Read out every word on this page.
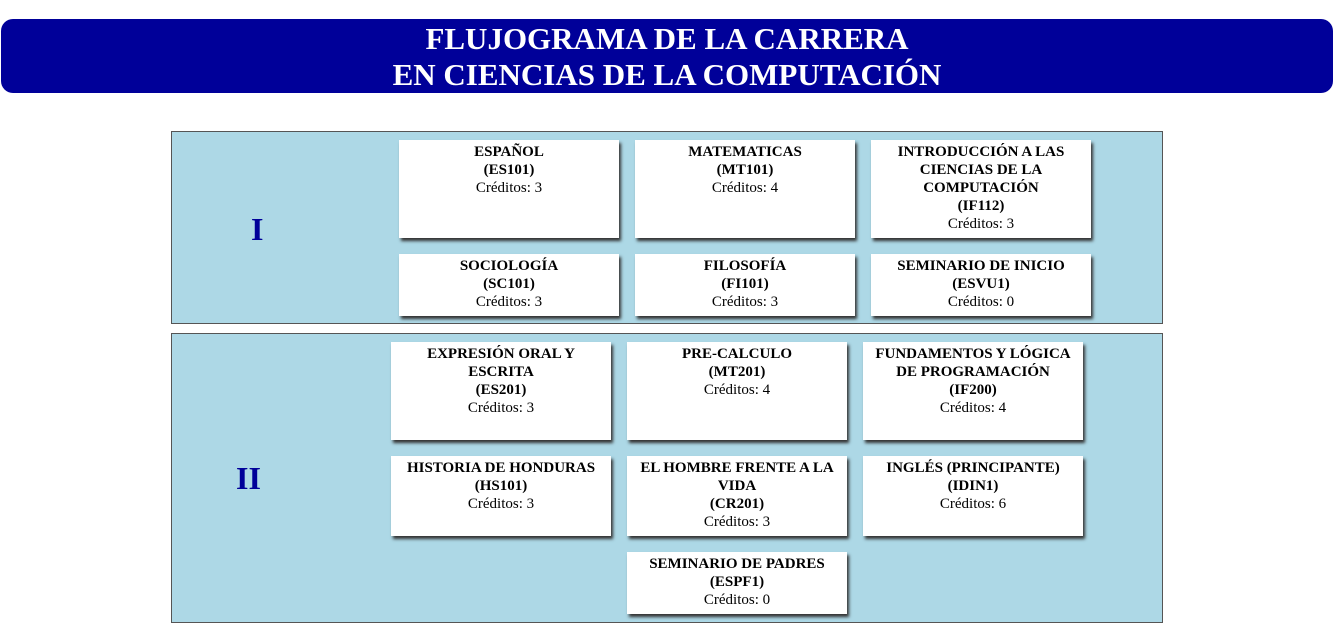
FLUJOGRAMA DE LA CARRERA
EN CIENCIAS DE LA COMPUTACIÓN
I
ESPAÑOL
(ES101)
Créditos: 3
MATEMATICAS
(MT101)
Créditos: 4
INTRODUCCIÓN A LAS CIENCIAS DE LA COMPUTACIÓN
(IF112)
Créditos: 3
SOCIOLOGÍA
(SC101)
Créditos: 3
FILOSOFÍA
(FI101)
Créditos: 3
SEMINARIO DE INICIO
(ESVU1)
Créditos: 0
II
EXPRESIÓN ORAL Y ESCRITA
(ES201)
Créditos: 3
PRE-CALCULO
(MT201)
Créditos: 4
FUNDAMENTOS Y LÓGICA DE PROGRAMACIÓN
(IF200)
Créditos: 4
HISTORIA DE HONDURAS
(HS101)
Créditos: 3
EL HOMBRE FRENTE A LA VIDA
(CR201)
Créditos: 3
INGLÉS (PRINCIPANTE)
(IDIN1)
Créditos: 6
SEMINARIO DE PADRES
(ESPF1)
Créditos: 0
